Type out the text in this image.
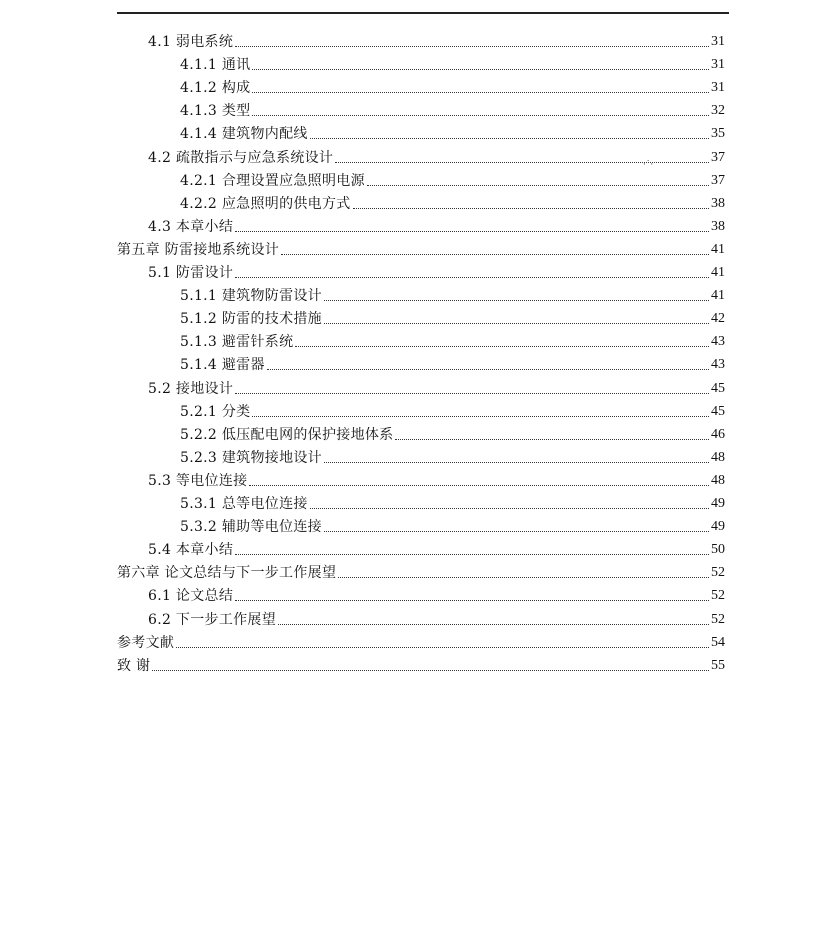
4.1 弱电系统	31
4.1.1 通讯	31
4.1.2 构成	31
4.1.3 类型	32
4.1.4 建筑物内配线	35
4.2 疏散指示与应急系统设计	37
4.2.1 合理设置应急照明电源	37
4.2.2 应急照明的供电方式	38
4.3 本章小结	38
第五章 防雷接地系统设计	41
5.1 防雷设计	41
5.1.1 建筑物防雷设计	41
5.1.2 防雷的技术措施	42
5.1.3 避雷针系统	43
5.1.4 避雷器	43
5.2 接地设计	45
5.2.1 分类	45
5.2.2 低压配电网的保护接地体系	46
5.2.3 建筑物接地设计	48
5.3 等电位连接	48
5.3.1 总等电位连接	49
5.3.2 辅助等电位连接	49
5.4 本章小结	50
第六章 论文总结与下一步工作展望	52
6.1 论文总结	52
6.2 下一步工作展望	52
参考文献	54
致 谢	55
·˙·
